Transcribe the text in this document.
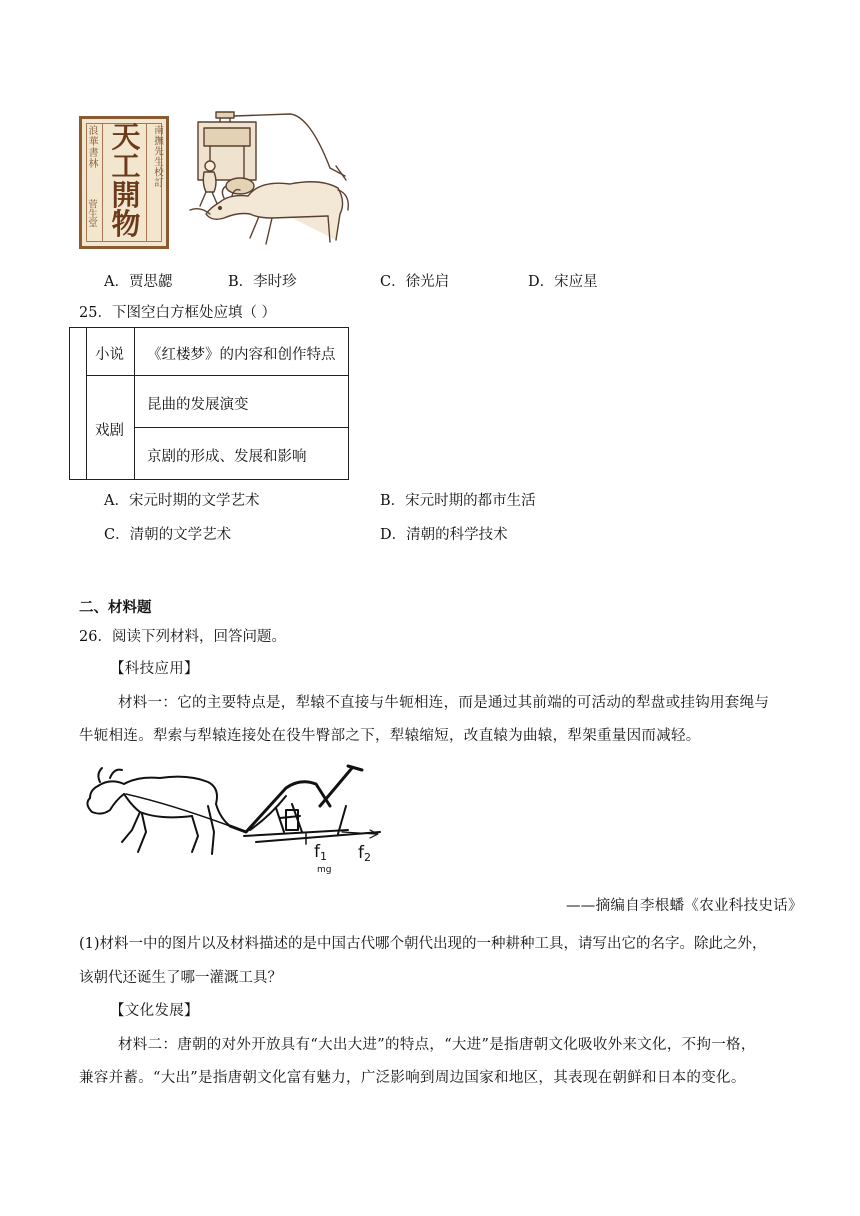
浪華書林
菅生堂
天
工
開
物
南撫先生校訂
A．贾思勰	B．李时珍	C．徐光启	D．宋应星
25．下图空白方框处应填（ ）
小说 《红楼梦》的内容和创作特点
戏剧
昆曲的发展演变
京剧的形成、发展和影响
A．宋元时期的文学艺术	B．宋元时期的都市生活
C．清朝的文学艺术	D．清朝的科学技术
二、材料题
26．阅读下列材料，回答问题。
【科技应用】
材料一：它的主要特点是，犁辕不直接与牛轭相连，而是通过其前端的可活动的犁盘或挂钩用套绳与
牛轭相连。犁索与犁辕连接处在役牛臀部之下，犁辕缩短，改直辕为曲辕，犁架重量因而减轻。
f1
mg
f2
——摘编自李根蟠《农业科技史话》
(1)材料一中的图片以及材料描述的是中国古代哪个朝代出现的一种耕种工具，请写出它的名字。除此之外，
该朝代还诞生了哪一灌溉工具？
【文化发展】
材料二：唐朝的对外开放具有“大出大进”的特点，“大进”是指唐朝文化吸收外来文化，不拘一格，
兼容并蓄。“大出”是指唐朝文化富有魅力，广泛影响到周边国家和地区，其表现在朝鲜和日本的变化。
